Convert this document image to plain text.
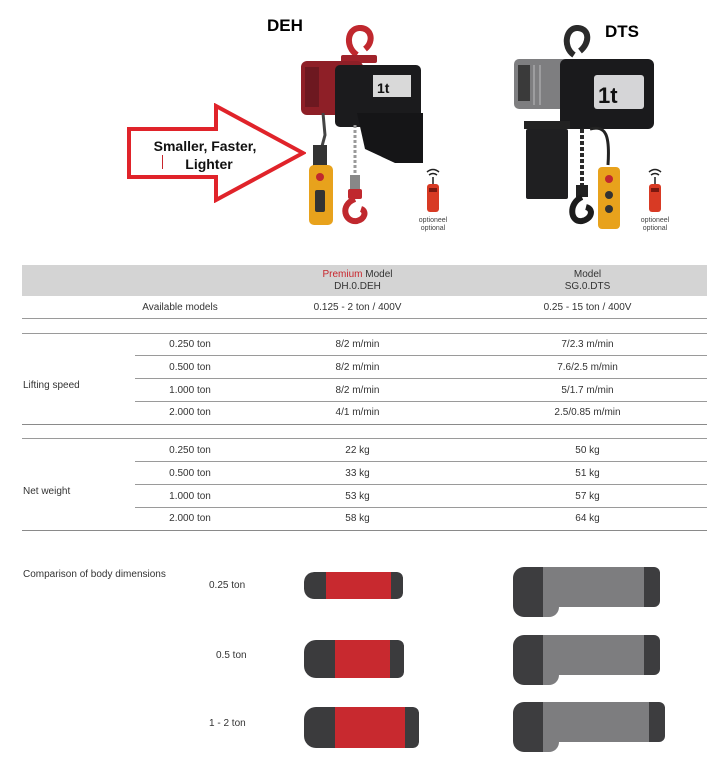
DEH	DTS
Smaller, Faster,
Lighter
1t
optioneel
optional
1t
optioneel
optional
Premium Model
DH.0.DEH
Model
SG.0.DTS
Available models	0.125 - 2 ton / 400V	0.25 - 15 ton / 400V
Lifting speed
0.250 ton	8/2 m/min	7/2.3 m/min
0.500 ton	8/2 m/min	7.6/2.5 m/min
1.000 ton	8/2 m/min	5/1.7 m/min
2.000 ton	4/1 m/min	2.5/0.85 m/min
Net weight
0.250 ton	22 kg	50 kg
0.500 ton	33 kg	51 kg
1.000 ton	53 kg	57 kg
2.000 ton	58 kg	64 kg
Comparison of body dimensions
0.25 ton
0.5 ton
1 - 2 ton
